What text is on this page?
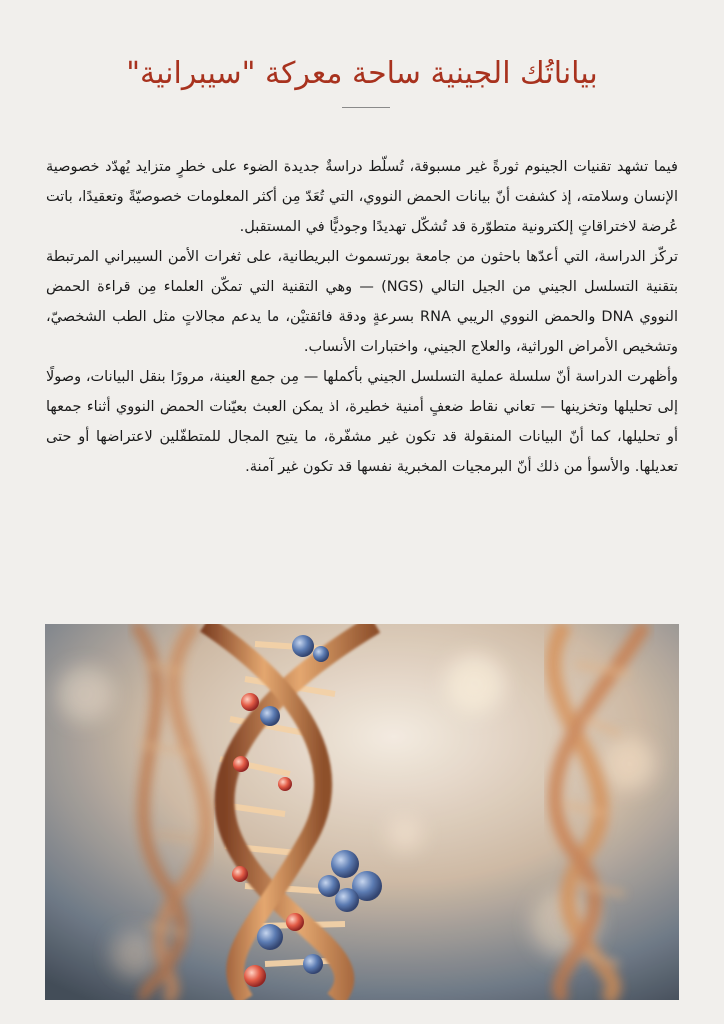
بياناتُك الجينية ساحة معركة "سيبرانية"

فيما تشهد تقنيات الجينوم ثورةً غير مسبوقة، تُسلّط دراسةٌ جديدة الضوء على خطرٍ متزايد يُهدّد خصوصية الإنسان وسلامته، إذ كشفت أنّ بيانات الحمض النووي، التي تُعَدّ مِن أكثر المعلومات خصوصيّةً وتعقيدًا، باتت عُرضة لاختراقاتٍ إلكترونية متطوّرة قد تُشكّل تهديدًا وجوديًّا في المستقبل.

تركّز الدراسة، التي أعدّها باحثون من جامعة بورتسموث البريطانية، على ثغرات الأمن السيبراني المرتبطة بتقنية التسلسل الجيني من الجيل التالي (NGS) — وهي التقنية التي تمكّن العلماء مِن قراءة الحمض النووي DNA والحمض النووي الريبي RNA بسرعةٍ ودقة فائقتيْن، ما يدعم مجالاتٍ مثل الطب الشخصيّ، وتشخيص الأمراض الوراثية، والعلاج الجيني، واختبارات الأنساب.

وأظهرت الدراسة أنّ سلسلة عملية التسلسل الجيني بأكملها — مِن جمع العينة، مرورًا بنقل البيانات، وصولًا إلى تحليلها وتخزينها — تعاني نقاط ضعفٍ أمنية خطيرة، اذ يمكن العبث بعيّنات الحمض النووي أثناء جمعها أو تحليلها، كما أنّ البيانات المنقولة قد تكون غير مشفّرة، ما يتيح المجال للمتطفّلين لاعتراضها أو حتى تعديلها. والأسوأ من ذلك أنّ البرمجيات المخبرية نفسها قد تكون غير آمنة.
